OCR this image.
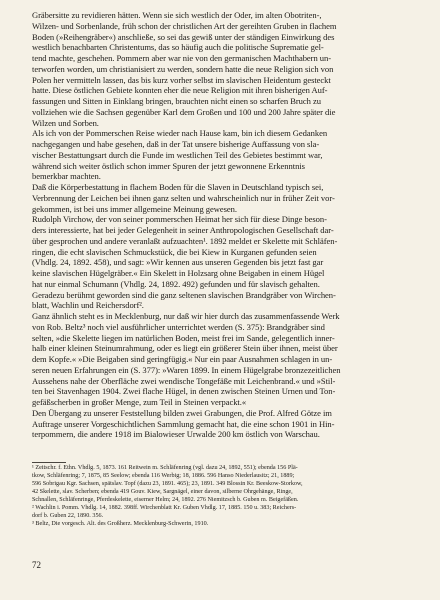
Gräbersitte zu revidieren hätten. Wenn sie sich westlich der Oder, im alten Obotriten-,
Wilzen- und Sorbenlande, früh schon der christlichen Art der gereihten Gruben in flachem
Boden (»Reihengräber«) anschließe, so sei das gewiß unter der ständigen Einwirkung des
westlich benachbarten Christentums, das so häufig auch die politische Suprematie gel-
tend machte, geschehen. Pommern aber war nie von den germanischen Machthabern un-
terworfen worden, um christianisiert zu werden, sondern hatte die neue Religion sich von
Polen her vermitteln lassen, das bis kurz vorher selbst im slavischen Heidentum gesteckt
hatte. Diese östlichen Gebiete konnten eher die neue Religion mit ihren bisherigen Auf-
fassungen und Sitten in Einklang bringen, brauchten nicht einen so scharfen Bruch zu
vollziehen wie die Sachsen gegenüber Karl dem Großen und 100 und 200 Jahre später die
Wilzen und Sorben.
Als ich von der Pommerschen Reise wieder nach Hause kam, bin ich diesem Gedanken
nachgegangen und habe gesehen, daß in der Tat unsere bisherige Auffassung von sla-
vischer Bestattungsart durch die Funde im westlichen Teil des Gebietes bestimmt war,
während sich weiter östlich schon immer Spuren der jetzt gewonnene Erkenntnis
bemerkbar machten.
Daß die Körperbestattung in flachem Boden für die Slaven in Deutschland typisch sei,
Verbrennung der Leichen bei ihnen ganz selten und wahrscheinlich nur in früher Zeit vor-
gekommen, ist bei uns immer allgemeine Meinung gewesen.
Rudolph Virchow, der von seiner pommerschen Heimat her sich für diese Dinge beson-
ders interessierte, hat bei jeder Gelegenheit in seiner Anthropologischen Gesellschaft dar-
über gesprochen und andere veranlaßt aufzuachten¹. 1892 meldet er Skelette mit Schläfen-
ringen, die echt slavischen Schmuckstück, die bei Kiew in Kurganen gefunden seien
(Vhdlg. 24, 1892. 458), und sagt: »Wir kennen aus unseren Gegenden bis jetzt fast gar
keine slavischen Hügelgräber.« Ein Skelett in Holzsarg ohne Beigaben in einem Hügel
hat nur einmal Schumann (Vhdlg. 24, 1892. 492) gefunden und für slavisch gehalten.
Geradezu berühmt geworden sind die ganz seltenen slavischen Brandgräber von Wirchen-
blatt, Wachlin und Reichersdorf².
Ganz ähnlich steht es in Mecklenburg, nur daß wir hier durch das zusammenfassende Werk
von Rob. Beltz³ noch viel ausführlicher unterrichtet werden (S. 375): Brandgräber sind
selten, »die Skelette liegen im natürlichen Boden, meist frei im Sande, gelegentlich inner-
halb einer kleinen Steinumrahmung, oder es liegt ein größerer Stein über ihnen, meist über
dem Kopfe.« »Die Beigaben sind geringfügig.« Nur ein paar Ausnahmen schlagen in un-
seren neuen Erfahrungen ein (S. 377): »Waren 1899. In einem Hügelgrabe bronzezeitlichen
Aussehens nahe der Oberfläche zwei wendische Tongefäße mit Leichenbrand.« und »Stil-
ten bei Stavenhagen 1904. Zwei flache Hügel, in denen zwischen Steinen Urnen und Ton-
gefäßscherben in großer Menge, zum Teil in Steinen verpackt.«
Den Übergang zu unserer Feststellung bilden zwei Grabungen, die Prof. Alfred Götze im
Auftrage unserer Vorgeschichtlichen Sammlung gemacht hat, die eine schon 1901 in Hin-
terpommern, die andere 1918 im Bialowieser Urwalde 200 km östlich von Warschau.
¹ Zeitschr. f. Ethn. Vhdlg. 5, 1873. 161 Reitwein m. Schläfenring (vgl. dazu 24, 1892, 551); ebenda 156 Plä-
tkow, Schläfenring; 7, 1875, 85 Seelow; ebenda 116 Werbig; 18, 1886. 596 Hanso Niederlausitz; 21, 1889;
596 Sobrigau Kgr. Sachsen, spätslav. Topf (dazu 23, 1891. 465); 23, 1891. 349 Blossin Kr. Beeskow-Storkow,
42 Skelette, slav. Scherben; ebenda 419 Gouv. Kiew, Sargnägel, einer davon, silberne Ohrgehänge, Ringe,
Schnallen, Schläfenringe, Pferdeskelette, eiserner Helm; 24, 1892. 276 Niemitzsch b. Guben m. Beigefäßen.
² Wachlin i. Pomm. Vhdlg. 14, 1882. 398ff. Wirchenblatt Kr. Guben Vhdlg. 17, 1885. 150 u. 383; Reichers-
dorf b. Guben 22, 1890. 356.
³ Beltz, Die vorgesch. Alt. des Großherz. Mecklenburg-Schwerin, 1910.
72
